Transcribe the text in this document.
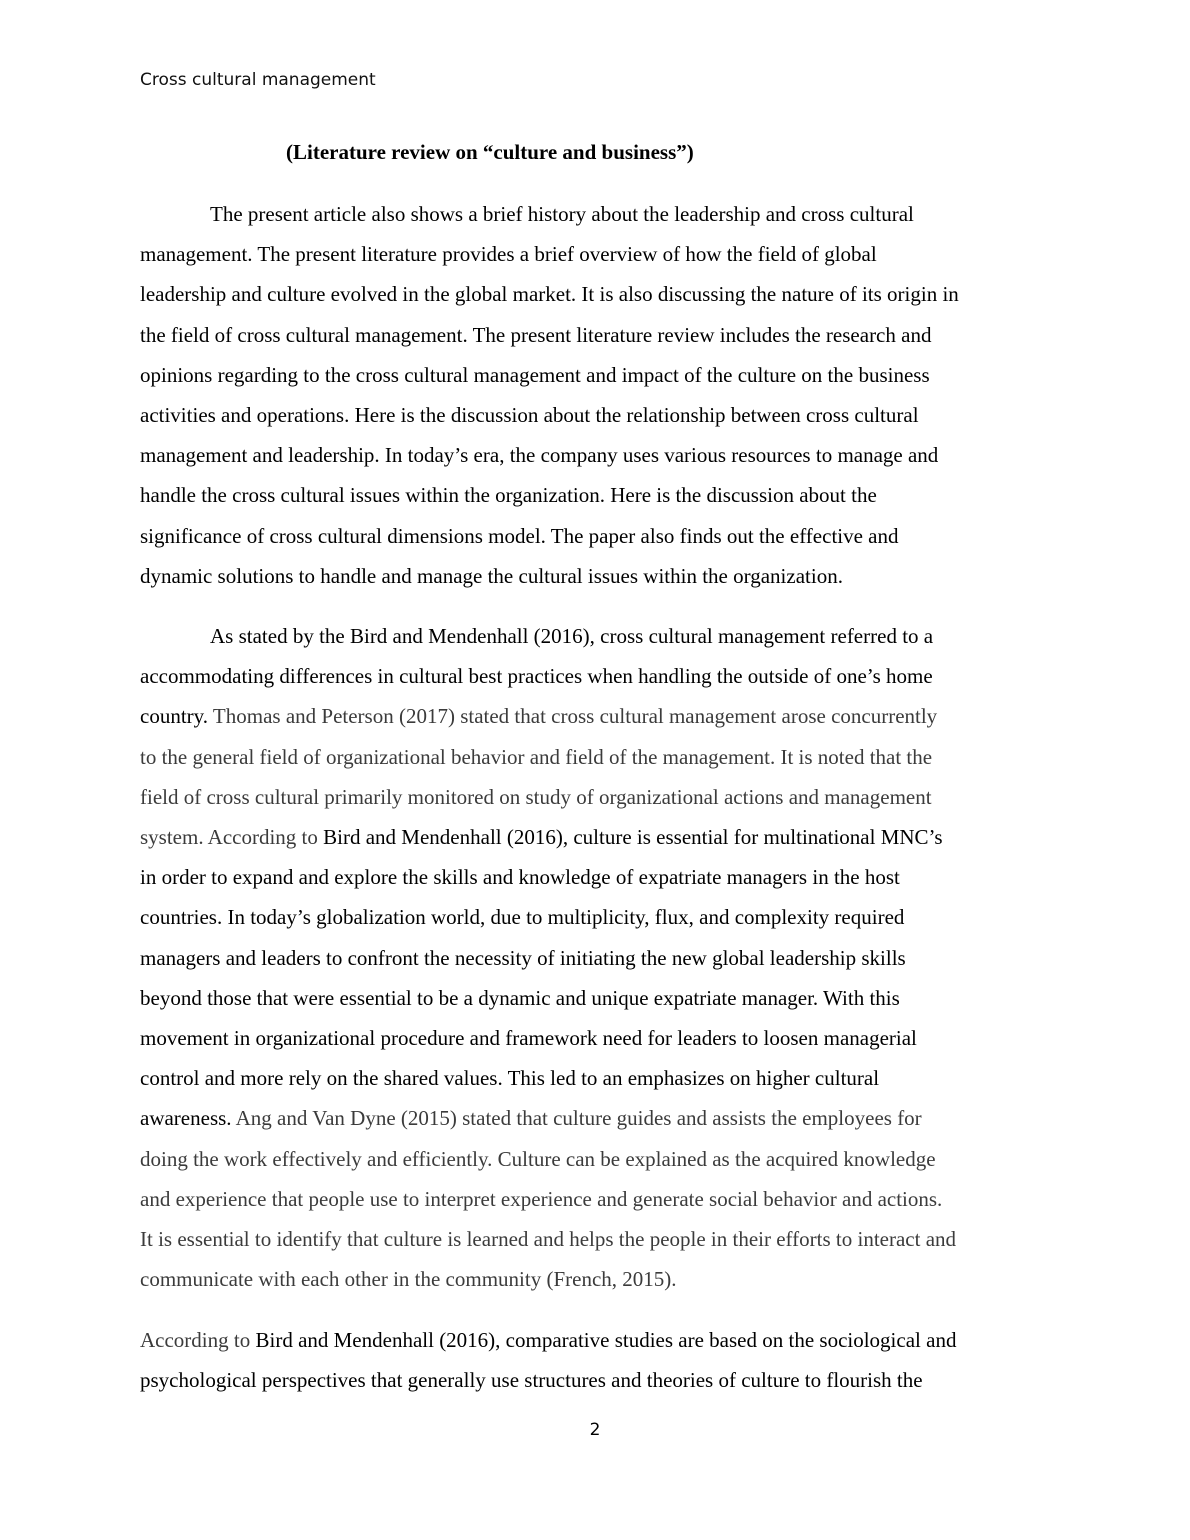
Cross cultural management
(Literature review on “culture and business”)
The present article also shows a brief history about the leadership and cross cultural
management. The present literature provides a brief overview of how the field of global
leadership and culture evolved in the global market. It is also discussing the nature of its origin in
the field of cross cultural management. The present literature review includes the research and
opinions regarding to the cross cultural management and impact of the culture on the business
activities and operations. Here is the discussion about the relationship between cross cultural
management and leadership. In today’s era, the company uses various resources to manage and
handle the cross cultural issues within the organization. Here is the discussion about the
significance of cross cultural dimensions model. The paper also finds out the effective and
dynamic solutions to handle and manage the cultural issues within the organization.
As stated by the Bird and Mendenhall (2016), cross cultural management referred to a
accommodating differences in cultural best practices when handling the outside of one’s home
country. Thomas and Peterson (2017) stated that cross cultural management arose concurrently
to the general field of organizational behavior and field of the management. It is noted that the
field of cross cultural primarily monitored on study of organizational actions and management
system. According to Bird and Mendenhall (2016), culture is essential for multinational MNC’s
in order to expand and explore the skills and knowledge of expatriate managers in the host
countries. In today’s globalization world, due to multiplicity, flux, and complexity required
managers and leaders to confront the necessity of initiating the new global leadership skills
beyond those that were essential to be a dynamic and unique expatriate manager. With this
movement in organizational procedure and framework need for leaders to loosen managerial
control and more rely on the shared values. This led to an emphasizes on higher cultural
awareness. Ang and Van Dyne (2015) stated that culture guides and assists the employees for
doing the work effectively and efficiently. Culture can be explained as the acquired knowledge
and experience that people use to interpret experience and generate social behavior and actions.
It is essential to identify that culture is learned and helps the people in their efforts to interact and
communicate with each other in the community (French, 2015).
According to Bird and Mendenhall (2016), comparative studies are based on the sociological and
psychological perspectives that generally use structures and theories of culture to flourish the
2
